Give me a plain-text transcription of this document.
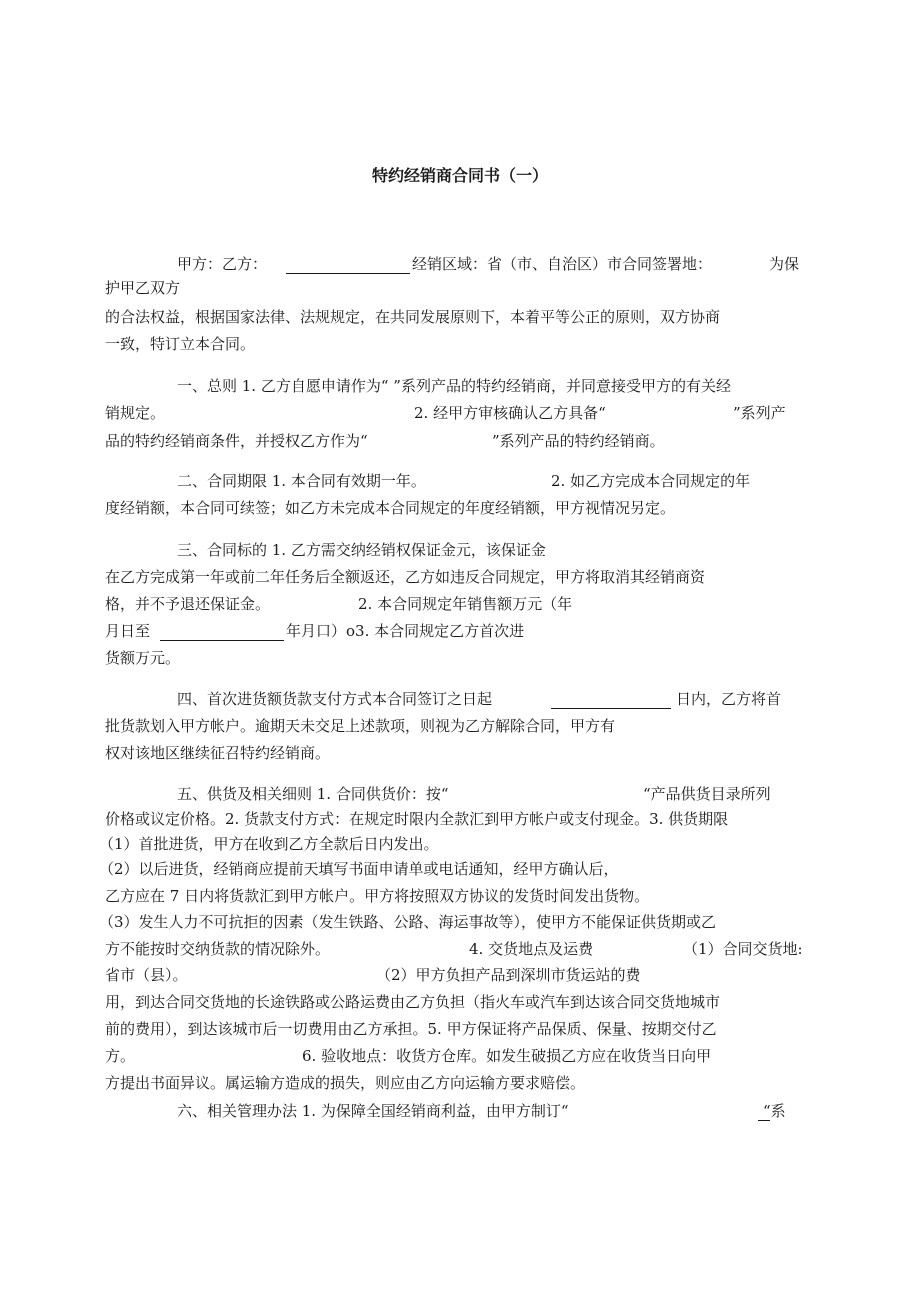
特约经销商合同书（一）
甲方：乙方：	经销区域：省（市、自治区）市合同签署地：	为保
护甲乙双方
的合法权益，根据国家法律、法规规定，在共同发展原则下，本着平等公正的原则，双方协商
一致，特订立本合同。
一、总则 1. 乙方自愿申请作为“ ”系列产品的特约经销商，并同意接受甲方的有关经
销规定。	2. 经甲方审核确认乙方具备“	”系列产
品的特约经销商条件，并授权乙方作为“	”系列产品的特约经销商。
二、合同期限 1. 本合同有效期一年。	2. 如乙方完成本合同规定的年
度经销额，本合同可续签；如乙方未完成本合同规定的年度经销额，甲方视情况另定。
三、合同标的 1. 乙方需交纳经销权保证金元，该保证金
在乙方完成第一年或前二年任务后全额返还，乙方如违反合同规定，甲方将取消其经销商资
格，并不予退还保证金。	2. 本合同规定年销售额万元（年
月日至	年月口）o3. 本合同规定乙方首次进
货额万元。
四、首次进货额货款支付方式本合同签订之日起	日内，乙方将首
批货款划入甲方帐户。逾期天未交足上述款项，则视为乙方解除合同，甲方有
权对该地区继续征召特约经销商。
五、供货及相关细则 1. 合同供货价：按“	“产品供货目录所列
价格或议定价格。2. 货款支付方式：在规定时限内全款汇到甲方帐户或支付现金。3. 供货期限
（1）首批进货，甲方在收到乙方全款后日内发出。
（2）以后进货，经销商应提前天填写书面申请单或电话通知，经甲方确认后，
乙方应在 7 日内将货款汇到甲方帐户。甲方将按照双方协议的发货时间发出货物。
（3）发生人力不可抗拒的因素（发生铁路、公路、海运事故等），使甲方不能保证供货期或乙
方不能按时交纳货款的情况除外。	4. 交货地点及运费	（1）合同交货地:
省市（县）。	（2）甲方负担产品到深圳市货运站的费
用，到达合同交货地的长途铁路或公路运费由乙方负担（指火车或汽车到达该合同交货地城市
前的费用），到达该城市后一切费用由乙方承担。5. 甲方保证将产品保质、保量、按期交付乙
方。	6. 验收地点：收货方仓库。如发生破损乙方应在收货当日向甲
方提出书面异议。属运输方造成的损失，则应由乙方向运输方要求赔偿。
六、相关管理办法 1. 为保障全国经销商利益，由甲方制订“	“系
